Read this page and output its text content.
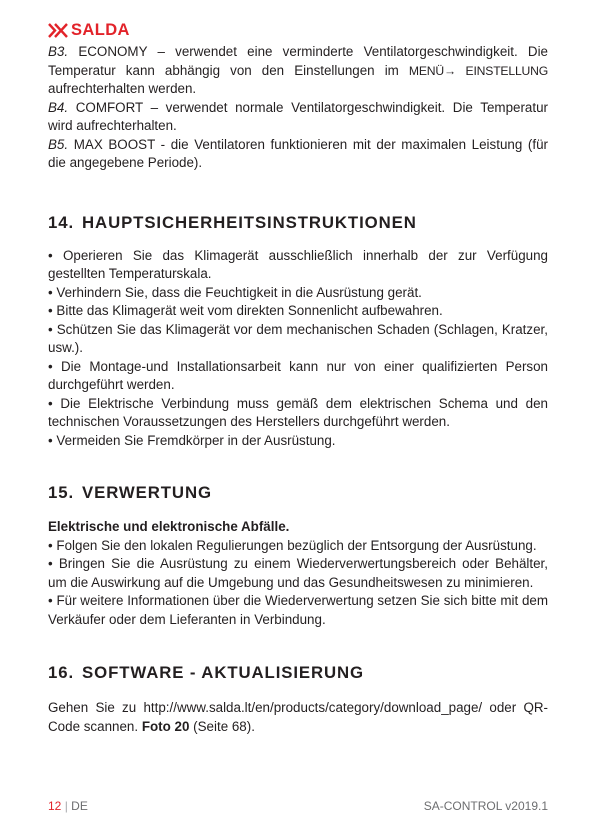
SALDA

B3. ECONOMY – verwendet eine verminderte Ventilatorgeschwindigkeit. Die Temperatur kann abhängig von den Einstellungen im MENÜ→ EINSTELLUNG aufrechterhalten werden.

B4. COMFORT – verwendet normale Ventilatorgeschwindigkeit. Die Temperatur wird aufrechterhalten.

B5. MAX BOOST - die Ventilatoren funktionieren mit der maximalen Leistung (für die angegebene Periode).

14. HAUPTSICHERHEITSINSTRUKTIONEN

• Operieren Sie das Klimagerät ausschließlich innerhalb der zur Verfügung gestellten Temperaturskala.

• Verhindern Sie, dass die Feuchtigkeit in die Ausrüstung gerät.

• Bitte das Klimagerät weit vom direkten Sonnenlicht aufbewahren.

• Schützen Sie das Klimagerät vor dem mechanischen Schaden (Schlagen, Kratzer, usw.).

• Die Montage-und Installationsarbeit kann nur von einer qualifizierten Person durchgeführt werden.

• Die Elektrische Verbindung muss gemäß dem elektrischen Schema und den technischen Voraussetzungen des Herstellers durchgeführt werden.

• Vermeiden Sie Fremdkörper in der Ausrüstung.

15. VERWERTUNG

Elektrische und elektronische Abfälle.

• Folgen Sie den lokalen Regulierungen bezüglich der Entsorgung der Ausrüstung.

• Bringen Sie die Ausrüstung zu einem Wiederverwertungsbereich oder Behälter, um die Auswirkung auf die Umgebung und das Gesundheitswesen zu minimieren.

• Für weitere Informationen über die Wiederverwertung setzen Sie sich bitte mit dem Verkäufer oder dem Lieferanten in Verbindung.

16. SOFTWARE - AKTUALISIERUNG

Gehen Sie zu http://www.salda.lt/en/products/category/download_page/ oder QR-Code scannen. Foto 20 (Seite 68).

12 | DE	SA-CONTROL v2019.1
